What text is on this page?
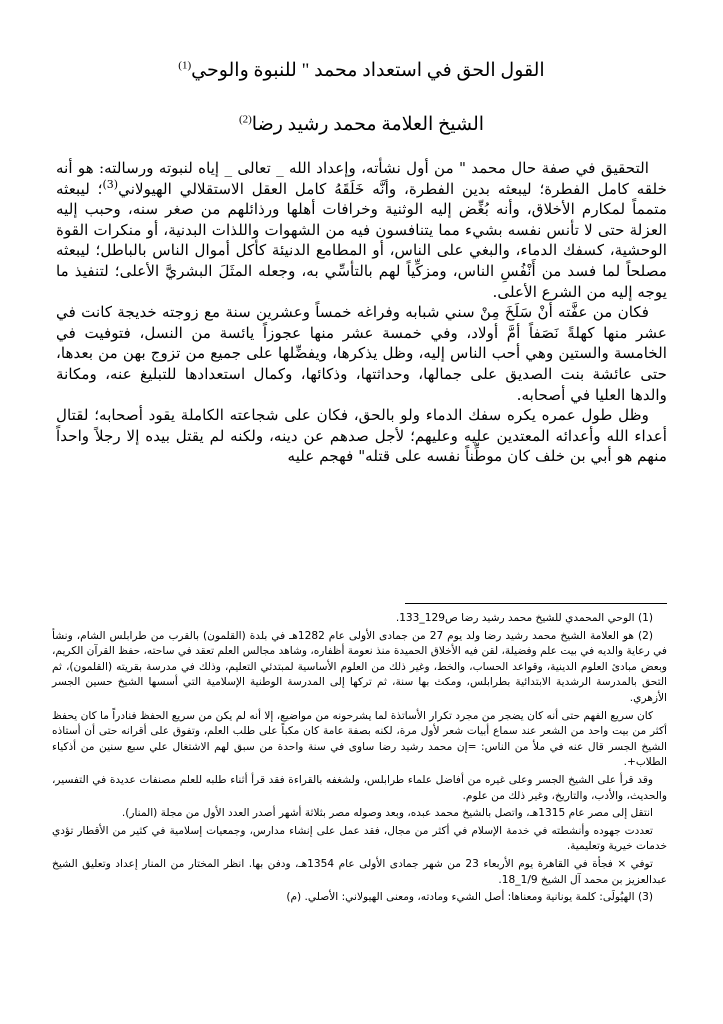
القول الحق في استعداد محمد " للنبوة والوحي$^{(1)}$
الشيخ العلامة محمد رشيد رضا$^{(2)}$

التحقيق في صفة حال محمد " من أول نشأته، وإعداد الله _ تعالى _ إياه لنبوته ورسالته: هو أنه خلقه كامل الفطرة؛ ليبعثه بدين الفطرة، وأنَّه خَلَقَهُ كامل العقل الاستقلالي الهيولاني$^{(3)}$؛ ليبعثه متمماً لمكارم الأخلاق، وأنه بُغِّض إليه الوثنية وخرافات أهلها ورذائلهم من صغر سنه، وحبب إليه العزلة حتى لا تأنس نفسه بشيء مما يتنافسون فيه من الشهوات واللذات البدنية، أو منكرات القوة الوحشية، كسفك الدماء، والبغي على الناس، أو المطامع الدنيئة كأكل أموال الناس بالباطل؛ ليبعثه مصلحاً لما فسد من أَنْفُسِ الناس، ومزكِّياً لهم بالتأسِّي به، وجعله المثَلَ البشريَّ الأعلى؛ لتنفيذ ما يوجه إليه من الشرع الأعلى.

فكان من عفَّته أنْ سَلَخَ مِنْ سني شبابه وفراغه خمساً وعشرين سنة مع زوجته خديجة كانت في عشر منها كهلةً نَصَفاً أمَّ أولاد، وفي خمسة عشر منها عجوزاً يائسة من النسل، فتوفيت في الخامسة والستين وهي أحب الناس إليه، وظل يذكرها، ويفضِّلها على جميع من تزوج بهن من بعدها، حتى عائشة بنت الصديق على جمالها، وحداثتها، وذكائها، وكمال استعدادها للتبليغ عنه، ومكانة والدها العليا في أصحابه.

وظل طول عمره يكره سفك الدماء ولو بالحق، فكان على شجاعته الكاملة يقود أصحابه؛ لقتال أعداء الله وأعدائه المعتدين عليه وعليهم؛ لأجل صدهم عن دينه، ولكنه لم يقتل بيده إلا رجلاً واحداً منهم هو أبي بن خلف كان موطِّناً نفسه على قتله" فهجم عليه

(1) الوحي المحمدي للشيخ محمد رشيد رضا ص129_133.

(2) هو العلامة الشيخ محمد رشيد رضا ولد يوم 27 من جمادى الأولى عام 1282هـ في بلدة (القلمون) بالقرب من طرابلس الشام، ونشأ في رعاية والديه في بيت علم وفضيلة، لقن فيه الأخلاق الحميدة منذ نعومة أظفاره، وشاهد مجالس العلم تعقد في ساحته، حفظ القرآن الكريم، وبعض مبادئ العلوم الدينية، وقواعد الحساب، والخط، وغير ذلك من العلوم الأساسية لمبتدئي التعليم، وذلك في مدرسة بقريته (القلمون)، ثم التحق بالمدرسة الرشدية الابتدائية بطرابلس، ومكث بها سنة، ثم تركها إلى المدرسة الوطنية الإسلامية التي أسسها الشيخ حسين الجسر الأزهري.

كان سريع الفهم حتى أنه كان يضجر من مجرد تكرار الأساتذة لما يشرحونه من مواضيع، إلا أنه لم يكن من سريع الحفظ فنادراً ما كان يحفظ أكثر من بيت واحد من الشعر عند سماع أبيات شعر لأول مرة، لكنه بصفة عامة كان مكباً على طلب العلم، وتفوق على أقرانه حتى أن أستاذه الشيخ الجسر قال عنه في ملأ من الناس: =إن محمد رشيد رضا ساوى في سنة واحدة من سبق لهم الاشتغال علي سبع سنين من أذكياء الطلاب+.

وقد قرأ على الشيخ الجسر وعلى غيره من أفاضل علماء طرابلس، ولشغفه بالقراءة فقد قرأ أثناء طلبه للعلم مصنفات عديدة في التفسير، والحديث، والأدب، والتاريخ، وغير ذلك من علوم.

انتقل إلى مصر عام 1315هـ، واتصل بالشيخ محمد عبده، وبعد وصوله مصر بثلاثة أشهر أصدر العدد الأول من مجلة (المنار).

تعددت جهوده وأنشطته في خدمة الإسلام في أكثر من مجال، فقد عمل على إنشاء مدارس، وجمعيات إسلامية في كثير من الأقطار تؤدي خدمات خيرية وتعليمية.

توفي × فجأة في القاهرة يوم الأربعاء 23 من شهر جمادى الأولى عام 1354هـ، ودفن بها. انظر المختار من المنار إعداد وتعليق الشيخ عبدالعزيز بن محمد آل الشيخ 1/9_18.

(3) الهيُولَى: كلمة يونانية ومعناها: أصل الشيء ومادته، ومعنى الهيولاني: الأصلي. (م)
